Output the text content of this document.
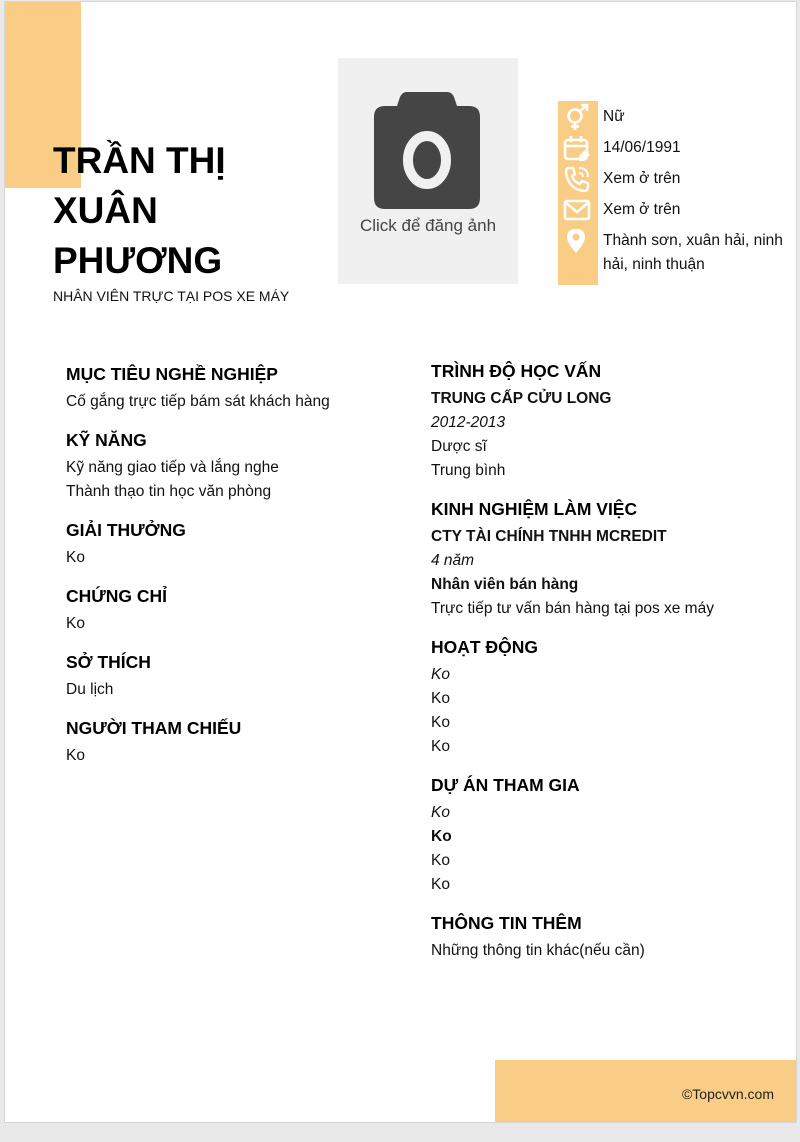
TRẦN THỊ XUÂN PHƯƠNG
NHÂN VIÊN TRỰC TẠI POS XE MÁY
Click để đăng ảnh
Nữ
14/06/1991
Xem ở trên
Xem ở trên
Thành sơn, xuân hải, ninh hải, ninh thuận
MỤC TIÊU NGHỀ NGHIỆP
Cố gắng trực tiếp bám sát khách hàng
KỸ NĂNG
Kỹ năng giao tiếp và lắng nghe
Thành thạo tin học văn phòng
GIẢI THƯỞNG
Ko
CHỨNG CHỈ
Ko
SỞ THÍCH
Du lịch
NGƯỜI THAM CHIẾU
Ko
TRÌNH ĐỘ HỌC VẤN
TRUNG CẤP CỬU LONG
2012-2013
Dược sĩ
Trung bình
KINH NGHIỆM LÀM VIỆC
CTY TÀI CHÍNH TNHH MCREDIT
4 năm
Nhân viên bán hàng
Trực tiếp tư vấn bán hàng tại pos xe máy
HOẠT ĐỘNG
Ko
Ko
Ko
Ko
DỰ ÁN THAM GIA
Ko
Ko
Ko
Ko
THÔNG TIN THÊM
Những thông tin khác(nếu cần)
©Topcvvn.com
